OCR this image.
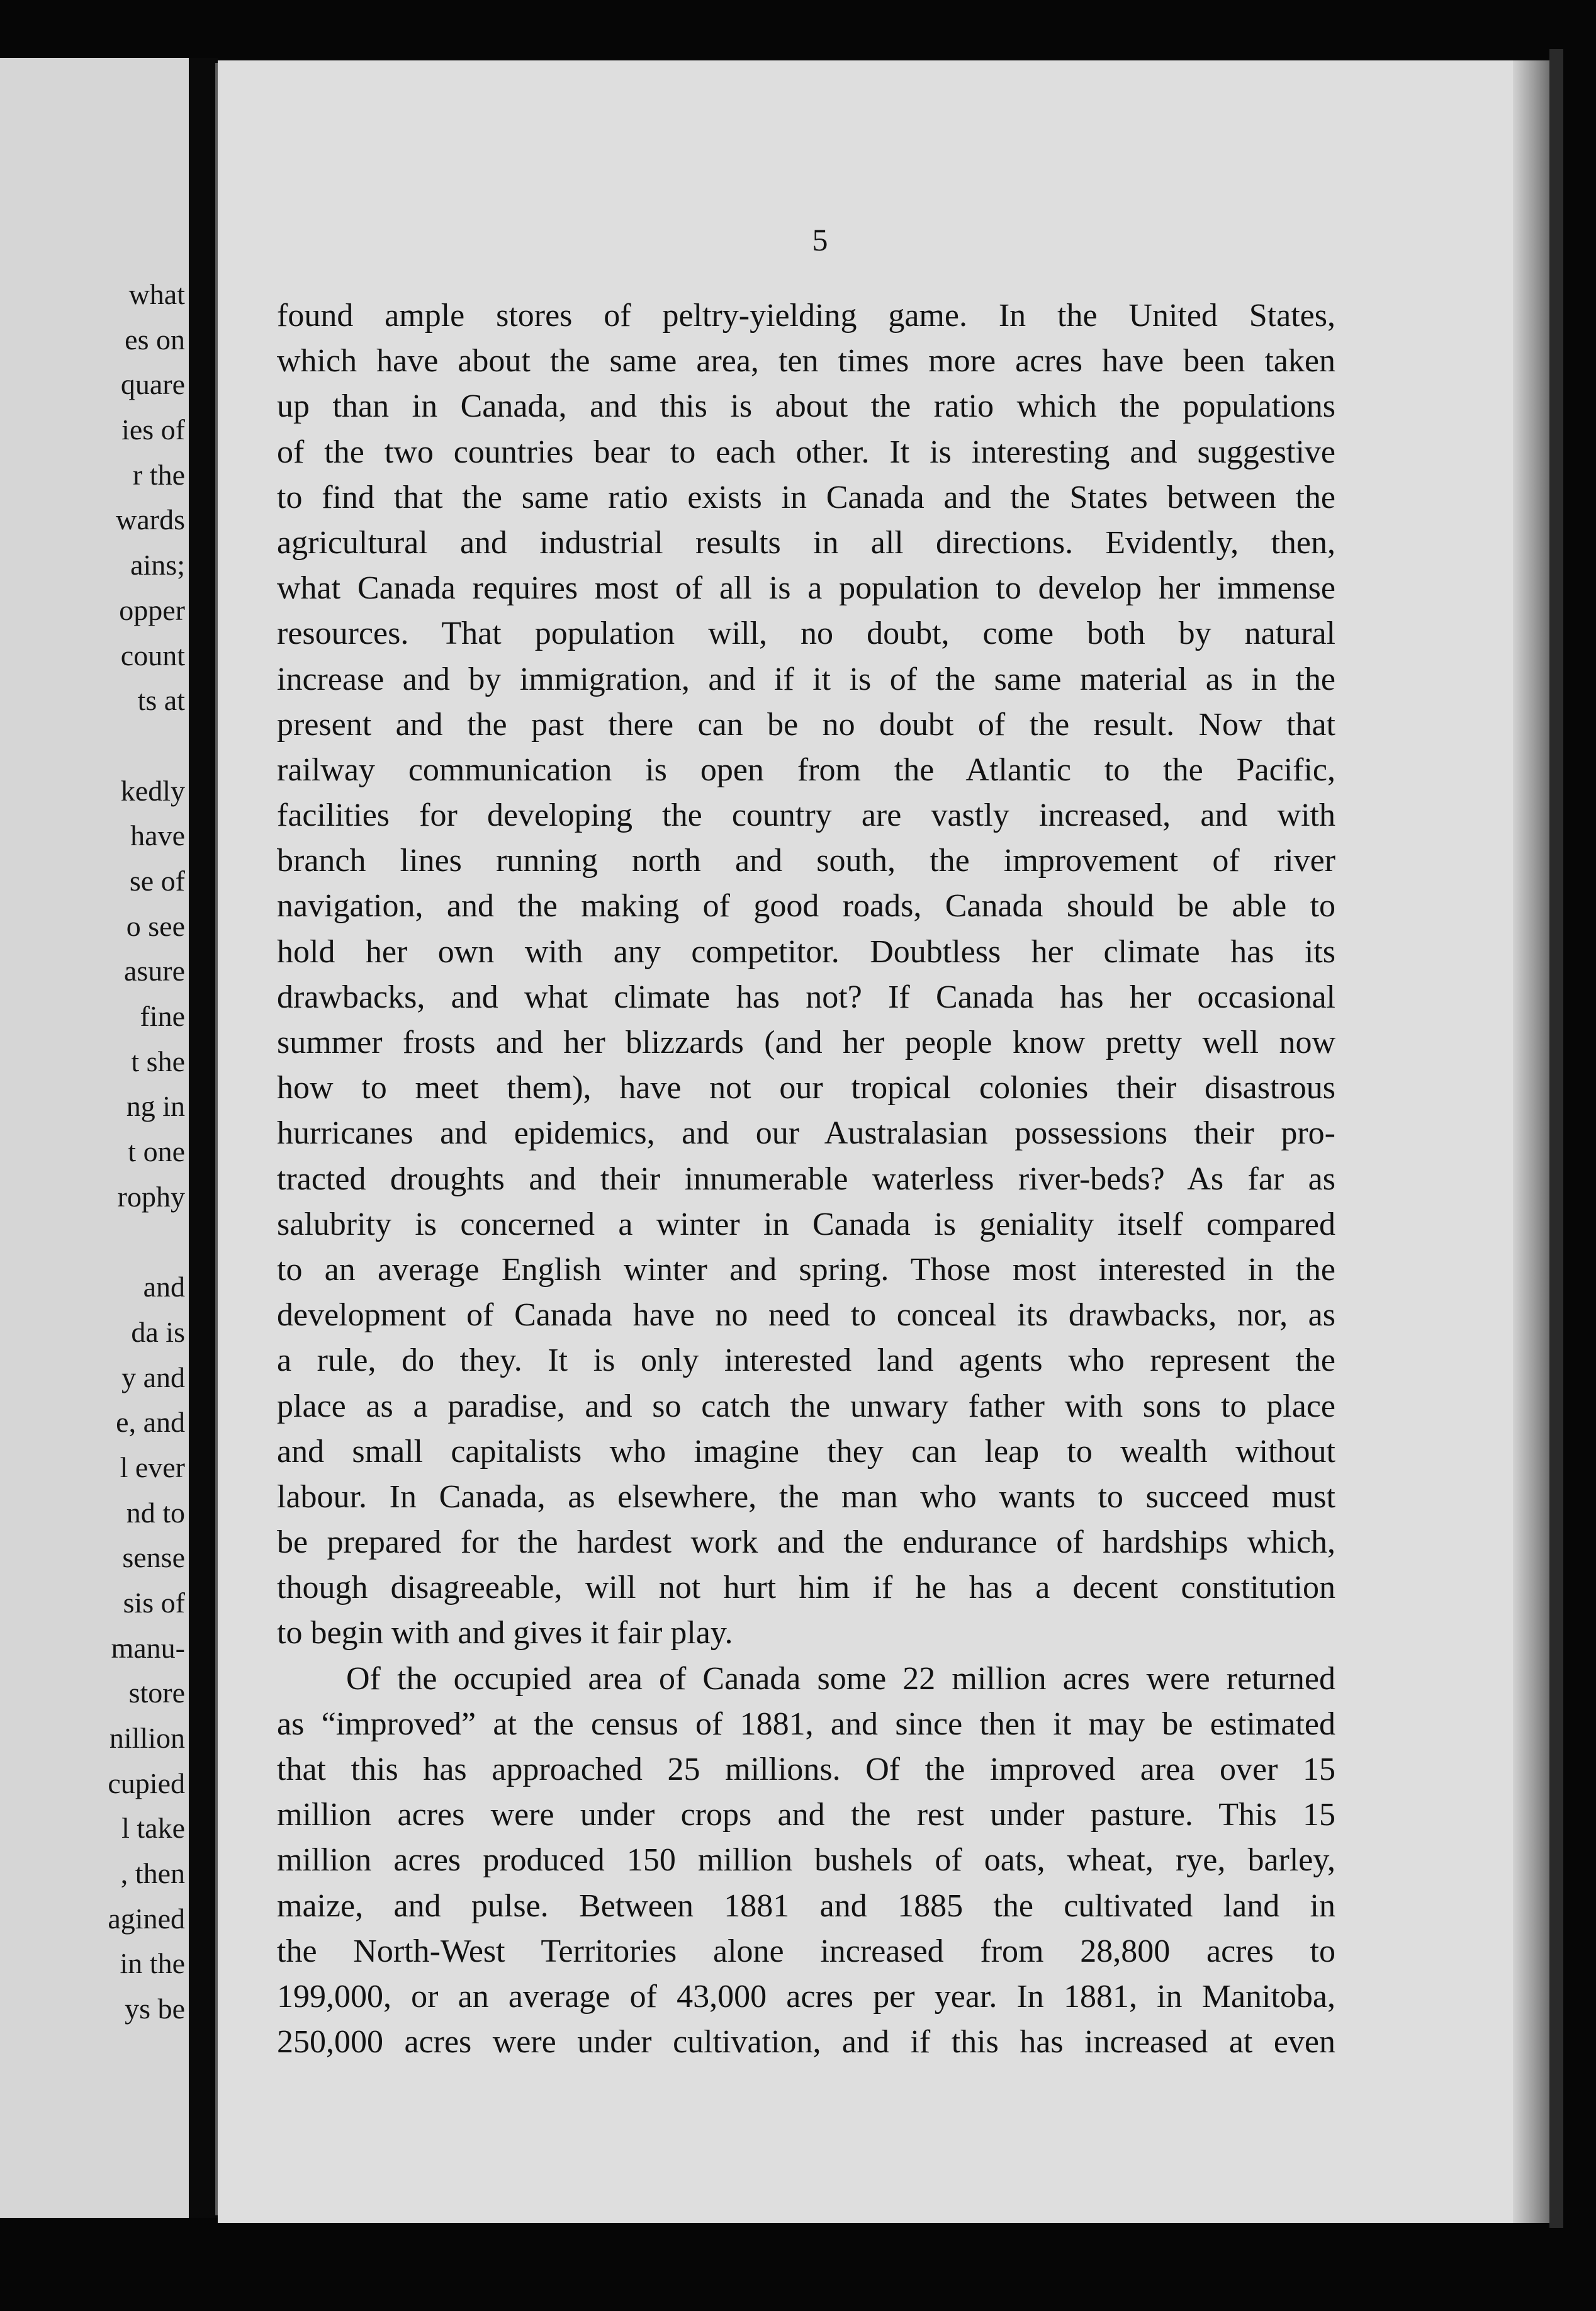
what
es on
quare
ies of
r the
wards
ains;
opper
count
ts at
kedly
have
se of
o see
asure
fine
t she
ng in
t one
rophy
and
da is
y and
e, and
l ever
nd to
sense
sis of
manu-
store
nillion
cupied
l take
, then
agined
in the
ys be
5
found ample stores of peltry-yielding game. In the United States,
which have about the same area, ten times more acres have been taken
up than in Canada, and this is about the ratio which the populations
of the two countries bear to each other. It is interesting and suggestive
to find that the same ratio exists in Canada and the States between the
agricultural and industrial results in all directions. Evidently, then,
what Canada requires most of all is a population to develop her immense
resources. That population will, no doubt, come both by natural
increase and by immigration, and if it is of the same material as in the
present and the past there can be no doubt of the result. Now that
railway communication is open from the Atlantic to the Pacific,
facilities for developing the country are vastly increased, and with
branch lines running north and south, the improvement of river
navigation, and the making of good roads, Canada should be able to
hold her own with any competitor. Doubtless her climate has its
drawbacks, and what climate has not? If Canada has her occasional
summer frosts and her blizzards (and her people know pretty well now
how to meet them), have not our tropical colonies their disastrous
hurricanes and epidemics, and our Australasian possessions their pro-
tracted droughts and their innumerable waterless river-beds? As far as
salubrity is concerned a winter in Canada is geniality itself compared
to an average English winter and spring. Those most interested in the
development of Canada have no need to conceal its drawbacks, nor, as
a rule, do they. It is only interested land agents who represent the
place as a paradise, and so catch the unwary father with sons to place
and small capitalists who imagine they can leap to wealth without
labour. In Canada, as elsewhere, the man who wants to succeed must
be prepared for the hardest work and the endurance of hardships which,
though disagreeable, will not hurt him if he has a decent constitution
to begin with and gives it fair play.
Of the occupied area of Canada some 22 million acres were returned
as “improved” at the census of 1881, and since then it may be estimated
that this has approached 25 millions. Of the improved area over 15
million acres were under crops and the rest under pasture. This 15
million acres produced 150 million bushels of oats, wheat, rye, barley,
maize, and pulse. Between 1881 and 1885 the cultivated land in
the North-West Territories alone increased from 28,800 acres to
199,000, or an average of 43,000 acres per year. In 1881, in Manitoba,
250,000 acres were under cultivation, and if this has increased at even
